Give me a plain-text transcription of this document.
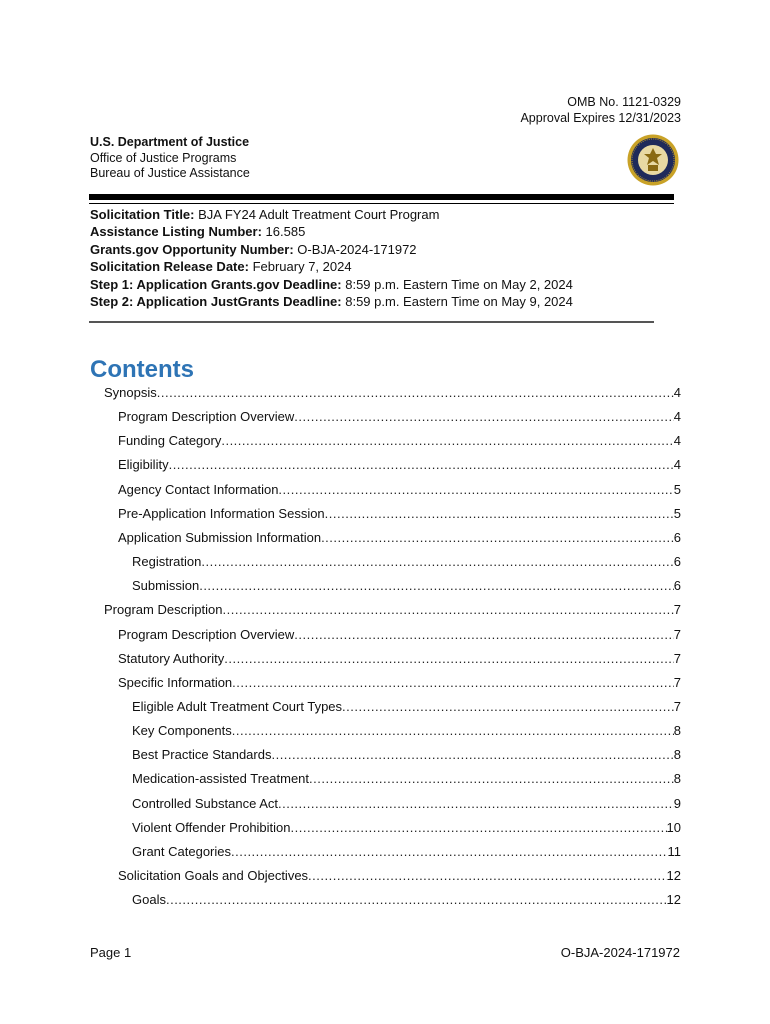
OMB No. 1121-0329
Approval Expires 12/31/2023
U.S. Department of Justice
Office of Justice Programs
Bureau of Justice Assistance
Solicitation Title: BJA FY24 Adult Treatment Court Program
Assistance Listing Number: 16.585
Grants.gov Opportunity Number: O-BJA-2024-171972
Solicitation Release Date: February 7, 2024
Step 1: Application Grants.gov Deadline: 8:59 p.m. Eastern Time on May 2, 2024
Step 2: Application JustGrants Deadline: 8:59 p.m. Eastern Time on May 9, 2024
Contents
Synopsis .....	4
Program Description Overview .....	4
Funding Category .....	4
Eligibility .....	4
Agency Contact Information .....	5
Pre-Application Information Session .....	5
Application Submission Information .....	6
Registration .....	6
Submission .....	6
Program Description .....	7
Program Description Overview .....	7
Statutory Authority .....	7
Specific Information .....	7
Eligible Adult Treatment Court Types .....	7
Key Components .....	8
Best Practice Standards .....	8
Medication-assisted Treatment .....	8
Controlled Substance Act .....	9
Violent Offender Prohibition .....	10
Grant Categories .....	11
Solicitation Goals and Objectives .....	12
Goals .....	12
Page 1	O-BJA-2024-171972
